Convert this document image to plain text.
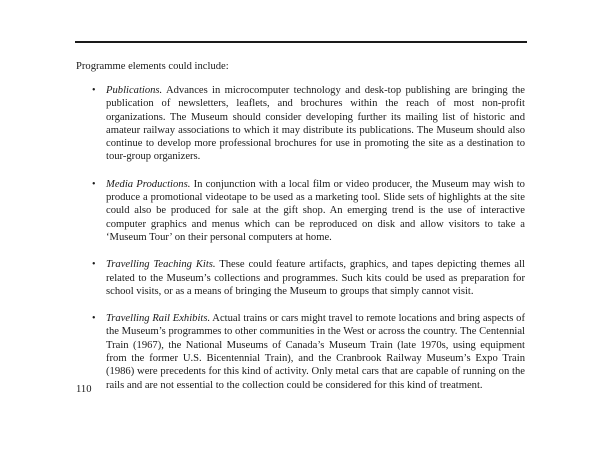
Programme elements could include:

• Publications. Advances in microcomputer technology and desk-top publishing are bringing the publication of newsletters, leaflets, and brochures within the reach of most non-profit organizations. The Museum should consider developing further its mailing list of historic and amateur railway associations to which it may distribute its publications. The Museum should also continue to develop more professional brochures for use in promoting the site as a destination to tour-group organizers.
• Media Productions. In conjunction with a local film or video producer, the Museum may wish to produce a promotional videotape to be used as a marketing tool. Slide sets of highlights at the site could also be produced for sale at the gift shop. An emerging trend is the use of interactive computer graphics and menus which can be reproduced on disk and allow visitors to take a ‘Museum Tour’ on their personal computers at home.
• Travelling Teaching Kits. These could feature artifacts, graphics, and tapes depicting themes all related to the Museum’s collections and programmes. Such kits could be used as preparation for school visits, or as a means of bringing the Museum to groups that simply cannot visit.
• Travelling Rail Exhibits. Actual trains or cars might travel to remote locations and bring aspects of the Museum’s programmes to other communities in the West or across the country. The Centennial Train (1967), the National Museums of Canada’s Museum Train (late 1970s, using equipment from the former U.S. Bicentennial Train), and the Cranbrook Railway Museum’s Expo Train (1986) were precedents for this kind of activity. Only metal cars that are capable of running on the rails and are not essential to the collection could be considered for this kind of treatment.

110
